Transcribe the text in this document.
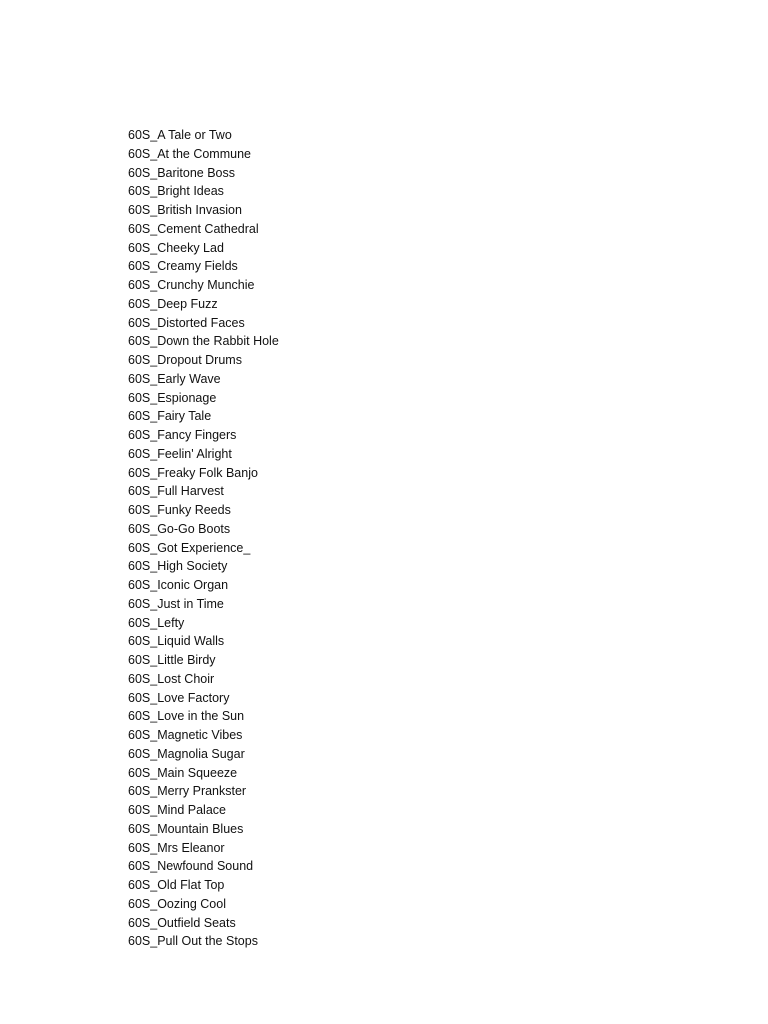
60S_A Tale or Two
60S_At the Commune
60S_Baritone Boss
60S_Bright Ideas
60S_British Invasion
60S_Cement Cathedral
60S_Cheeky Lad
60S_Creamy Fields
60S_Crunchy Munchie
60S_Deep Fuzz
60S_Distorted Faces
60S_Down the Rabbit Hole
60S_Dropout Drums
60S_Early Wave
60S_Espionage
60S_Fairy Tale
60S_Fancy Fingers
60S_Feelin' Alright
60S_Freaky Folk Banjo
60S_Full Harvest
60S_Funky Reeds
60S_Go-Go Boots
60S_Got Experience_
60S_High Society
60S_Iconic Organ
60S_Just in Time
60S_Lefty
60S_Liquid Walls
60S_Little Birdy
60S_Lost Choir
60S_Love Factory
60S_Love in the Sun
60S_Magnetic Vibes
60S_Magnolia Sugar
60S_Main Squeeze
60S_Merry Prankster
60S_Mind Palace
60S_Mountain Blues
60S_Mrs Eleanor
60S_Newfound Sound
60S_Old Flat Top
60S_Oozing Cool
60S_Outfield Seats
60S_Pull Out the Stops
